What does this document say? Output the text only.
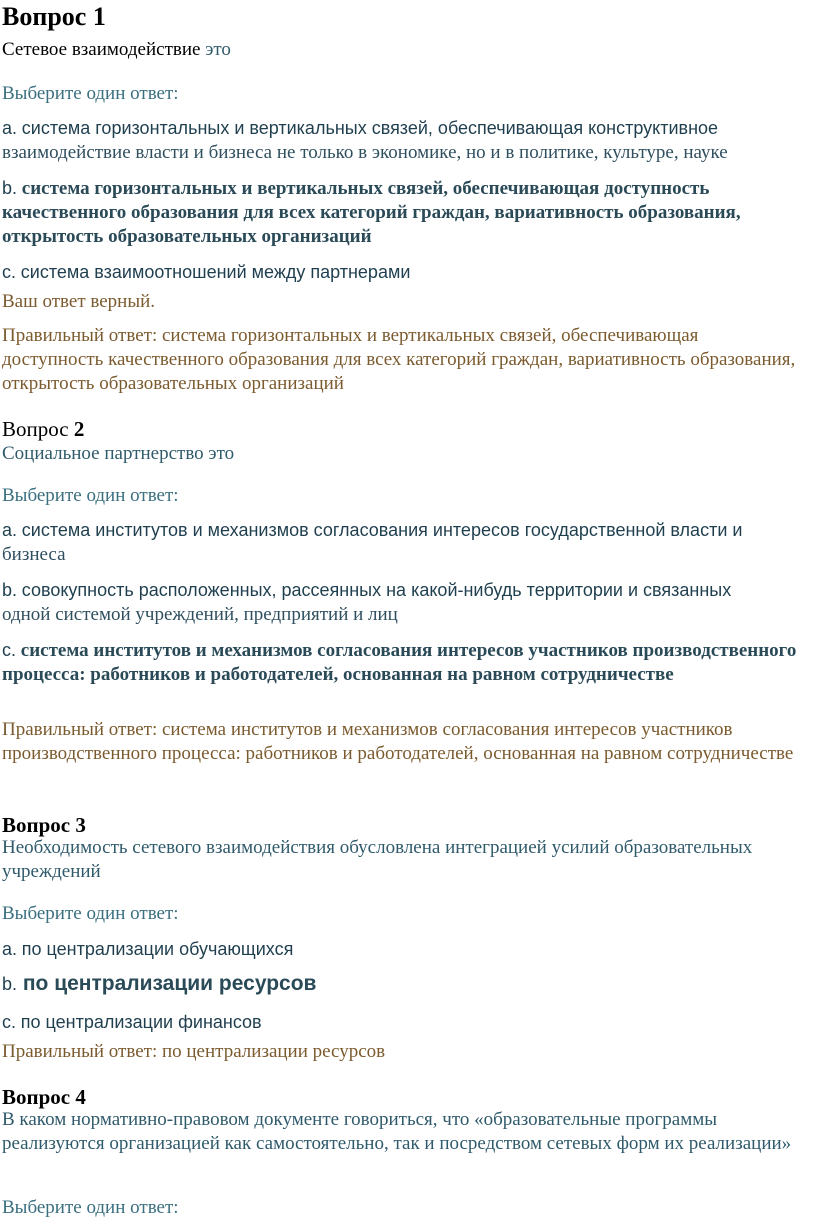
Вопрос 1

Сетевое взаимодействие это

Выберите один ответ:

a. система горизонтальных и вертикальных связей, обеспечивающая конструктивное
взаимодействие власти и бизнеса не только в экономике, но и в политике, культуре, науке

b. система горизонтальных и вертикальных связей, обеспечивающая доступность качественного образования для всех категорий граждан, вариативность образования, открытость образовательных организаций

c. система взаимоотношений между партнерами

Ваш ответ верный.

Правильный ответ: система горизонтальных и вертикальных связей, обеспечивающая доступность качественного образования для всех категорий граждан, вариативность образования, открытость образовательных организаций

Вопрос 2

Социальное партнерство это

Выберите один ответ:

a. система институтов и механизмов согласования интересов государственной власти и
бизнеса

b. совокупность расположенных, рассеянных на какой-нибудь территории и связанных
одной системой учреждений, предприятий и лиц

c. система институтов и механизмов согласования интересов участников производственного процесса: работников и работодателей, основанная на равном сотрудничестве

Правильный ответ: система институтов и механизмов согласования интересов участников производственного процесса: работников и работодателей, основанная на равном сотрудничестве

Вопрос 3

Необходимость сетевого взаимодействия обусловлена интеграцией усилий образовательных учреждений

Выберите один ответ:

a. по централизации обучающихся

b. по централизации ресурсов

c. по централизации финансов

Правильный ответ: по централизации ресурсов

Вопрос 4

В каком нормативно-правовом документе говориться, что «образовательные программы реализуются организацией как самостоятельно, так и посредством сетевых форм их реализации»

Выберите один ответ:
